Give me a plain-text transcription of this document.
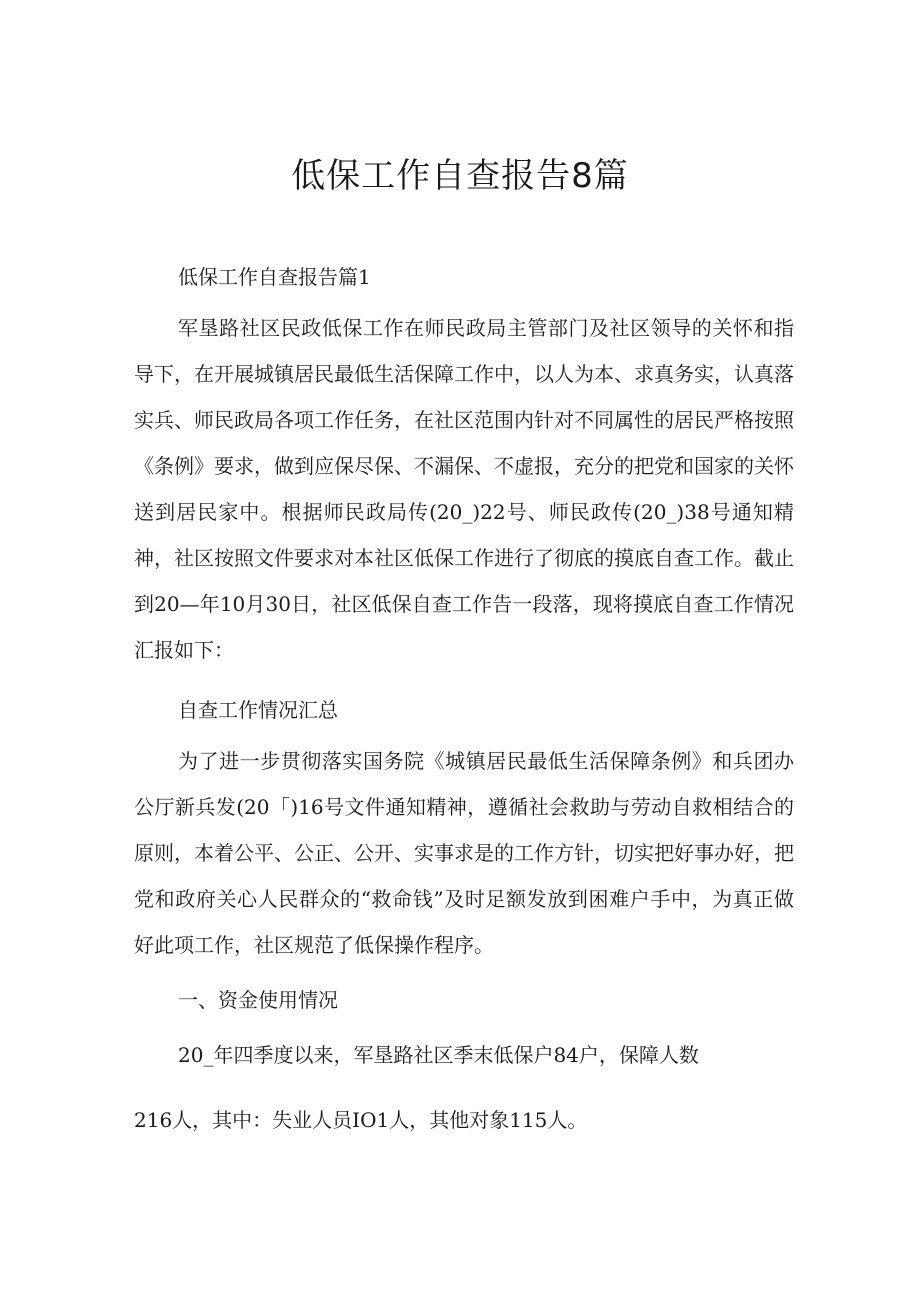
低保工作自查报告8篇

低保工作自查报告篇1

军垦路社区民政低保工作在师民政局主管部门及社区领导的关怀和指导下，在开展城镇居民最低生活保障工作中，以人为本、求真务实，认真落实兵、师民政局各项工作任务，在社区范围内针对不同属性的居民严格按照《条例》要求，做到应保尽保、不漏保、不虚报，充分的把党和国家的关怀送到居民家中。根据师民政局传(20_)22号、师民政传(20_)38号通知精神，社区按照文件要求对本社区低保工作进行了彻底的摸底自查工作。截止到20—年10月30日，社区低保自查工作告一段落，现将摸底自查工作情况汇报如下：

自查工作情况汇总

为了进一步贯彻落实国务院《城镇居民最低生活保障条例》和兵团办公厅新兵发(20「)16号文件通知精神，遵循社会救助与劳动自救相结合的原则，本着公平、公正、公开、实事求是的工作方针，切实把好事办好，把党和政府关心人民群众的“救命钱”及时足额发放到困难户手中，为真正做好此项工作，社区规范了低保操作程序。

一、资金使用情况

20_年四季度以来，军垦路社区季末低保户84户，保障人数

216人，其中：失业人员IO1人，其他对象115人。
